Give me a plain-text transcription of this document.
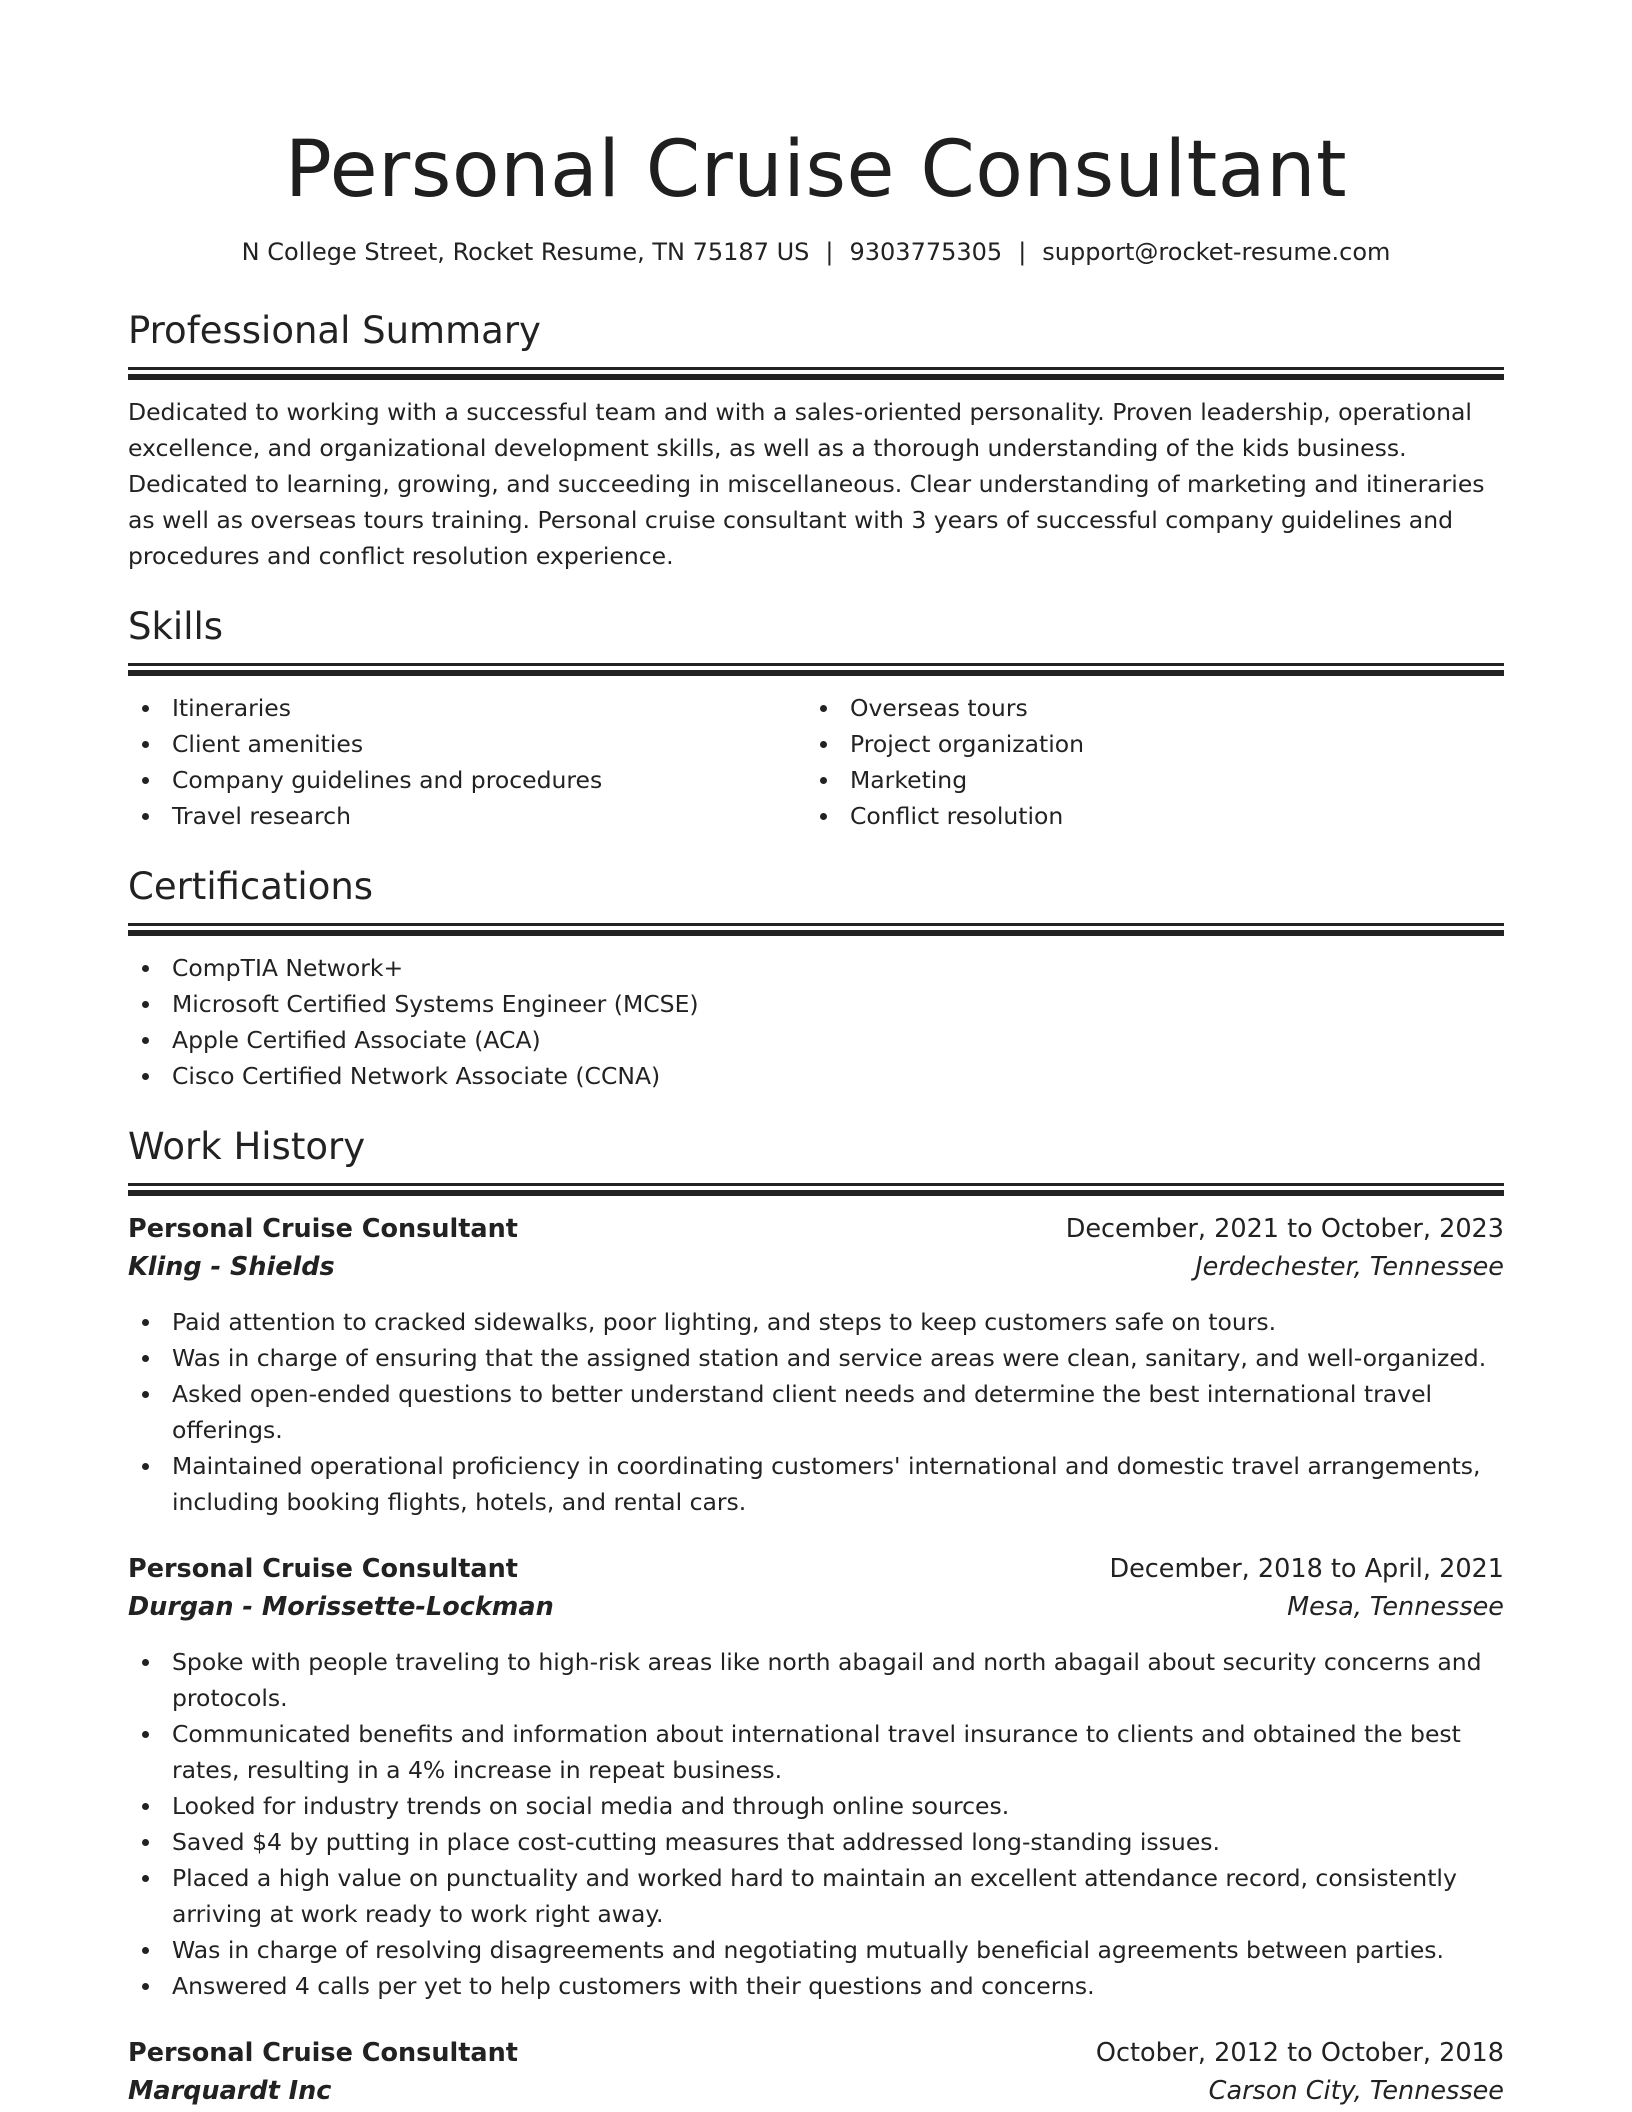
Personal Cruise Consultant
N College Street, Rocket Resume, TN 75187 US | 9303775305 | support@rocket-resume.com
Professional Summary

Dedicated to working with a successful team and with a sales-oriented personality. Proven leadership, operational excellence, and organizational development skills, as well as a thorough understanding of the kids business. Dedicated to learning, growing, and succeeding in miscellaneous. Clear understanding of marketing and itineraries as well as overseas tours training. Personal cruise consultant with 3 years of successful company guidelines and procedures and conflict resolution experience.

Skills
Itineraries
Client amenities
Company guidelines and procedures
Travel research
Overseas tours
Project organization
Marketing
Conflict resolution
Certifications
CompTIA Network+
Microsoft Certified Systems Engineer (MCSE)
Apple Certified Associate (ACA)
Cisco Certified Network Associate (CCNA)
Work History
Personal Cruise Consultant	December, 2021 to October, 2023
Kling - Shields	Jerdechester, Tennessee
Paid attention to cracked sidewalks, poor lighting, and steps to keep customers safe on tours.
Was in charge of ensuring that the assigned station and service areas were clean, sanitary, and well-organized.
Asked open-ended questions to better understand client needs and determine the best international travel offerings.
Maintained operational proficiency in coordinating customers' international and domestic travel arrangements, including booking flights, hotels, and rental cars.
Personal Cruise Consultant	December, 2018 to April, 2021
Durgan - Morissette-Lockman	Mesa, Tennessee
Spoke with people traveling to high-risk areas like north abagail and north abagail about security concerns and protocols.
Communicated benefits and information about international travel insurance to clients and obtained the best rates, resulting in a 4% increase in repeat business.
Looked for industry trends on social media and through online sources.
Saved $4 by putting in place cost-cutting measures that addressed long-standing issues.
Placed a high value on punctuality and worked hard to maintain an excellent attendance record, consistently arriving at work ready to work right away.
Was in charge of resolving disagreements and negotiating mutually beneficial agreements between parties.
Answered 4 calls per yet to help customers with their questions and concerns.
Personal Cruise Consultant	October, 2012 to October, 2018
Marquardt Inc	Carson City, Tennessee
